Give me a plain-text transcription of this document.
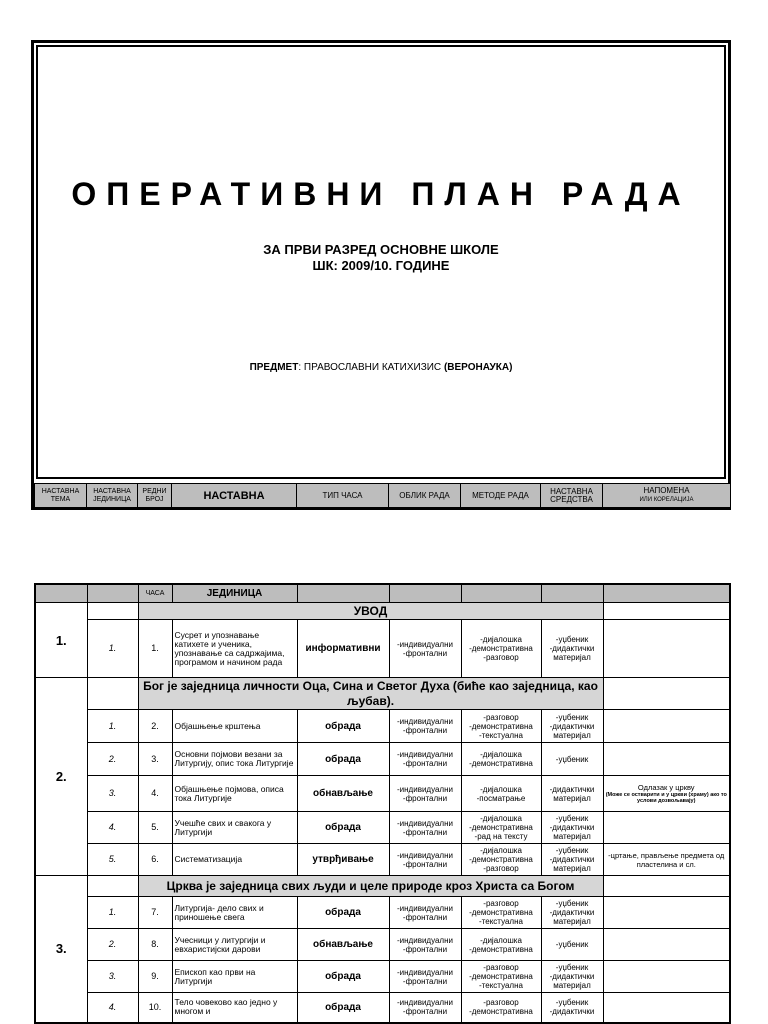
ОПЕРАТИВНИ ПЛАН РАДА
ЗА ПРВИ РАЗРЕД ОСНОВНЕ ШКОЛЕ
ШК: 2009/10. ГОДИНЕ
ПРЕДМЕТ: ПРАВОСЛАВНИ КАТИХИЗИС (ВЕРОНАУКА)
НАСТАВНА ТЕМА	НАСТАВНА ЈЕДИНИЦА	РЕДНИ БРОЈ	НАСТАВНА	ТИП ЧАСА	ОБЛИК РАДА	МЕТОДЕ РАДА	НАСТАВНА СРЕДСТВА	НАПОМЕНА
ИЛИ КОРЕЛАЦИЈА
		ЧАСА	ЈЕДИНИЦА					
1.		УВОД						
	1.	1.	Сусрет и упознавање катихете и ученика, упознавање са садржајима, програмом и начином рада	информативни	-индивидуални -фронтални	-дијалошка -демонстративна -разговор	-уџбеник -дидактички материјал	
2.		Бог је заједница личности Оца, Сина и Светог Духа (биће као заједница, као љубав).						
	1.	2.	Објашњење крштења	обрада	-индивидуални -фронтални	-разговор -демонстративна -текстуална	-уџбеник -дидактички материјал	
	2.	3.	Основни појмови везани за Литургију, опис тока Литургије	обрада	-индивидуални -фронтални	-дијалошка -демонстративна	-уџбеник	
	3.	4.	Објашњење појмова, описа тока Литургије	обнављање	-индивидуални -фронтални	-дијалошка -посматрање	-дидактички материјал	Одлазак у цркву
(Може се остварити и у цркви (храму) ако то услови дозвољавају)

	4.	5.	Учешће свих и свакога у Литургији	обрада	-индивидуални -фронтални	-дијалошка -демонстративна -рад на тексту	-уџбеник -дидактички материјал	
	5.	6.	Систематизација	утврђивање	-индивидуални -фронтални	-дијалошка -демонстративна -разговор	-уџбеник -дидактички материјал	-цртање, прављење предмета од пластелина и сл.
3.		Црква је заједница свих људи и целе природе кроз Христа са Богом						
	1.	7.	Литургија- дело свих и приношење свега	обрада	-индивидуални -фронтални	-разговор -демонстративна -текстуална	-уџбеник -дидактички материјал	
	2.	8.	Учесници у литургији и евхаристијски дарови	обнављање	-индивидуални -фронтални	-дијалошка -демонстративна	-уџбеник	
	3.	9.	Епископ као први на Литургији	обрада	-индивидуални -фронтални	-разговор -демонстративна -текстуална	-уџбеник -дидактички материјал	
	4.	10.	Тело човеково као једно у многом и	обрада	-индивидуални -фронтални	-разговор -демонстративна	-уџбеник -дидактички	
